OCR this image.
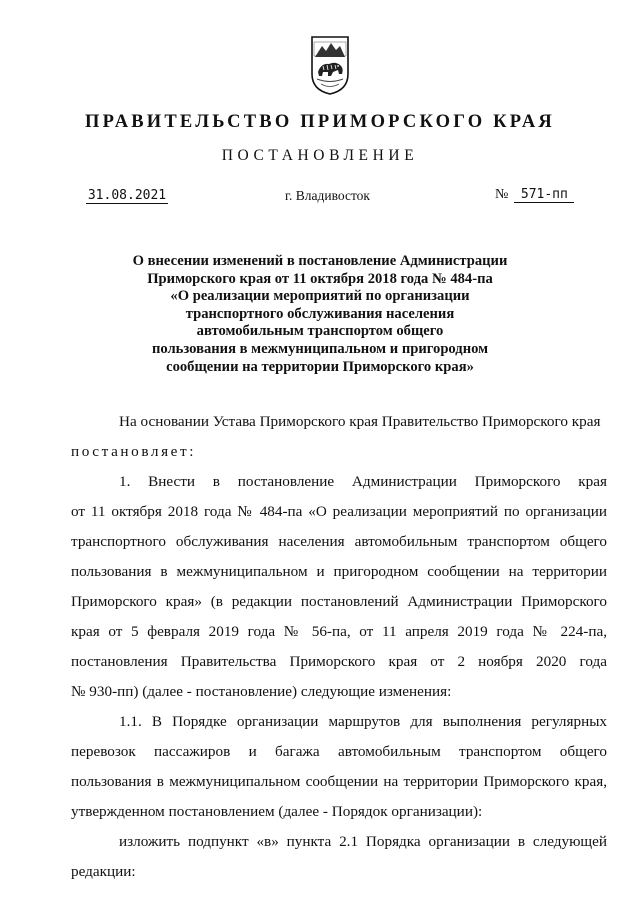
ПРАВИТЕЛЬСТВО ПРИМОРСКОГО КРАЯ
ПОСТАНОВЛЕНИЕ
31.08.2021	г. Владивосток	№ 571-пп
О внесении изменений в постановление Администрации
Приморского края от 11 октября 2018 года № 484-па
«О реализации мероприятий по организации
транспортного обслуживания населения
автомобильным транспортом общего
пользования в межмуниципальном и пригородном
сообщении на территории Приморского края»
На основании Устава Приморского края Правительство Приморского края
постановляет:
1. Внести в постановление Администрации Приморского края
от 11 октября 2018 года № 484-па «О реализации мероприятий по организации
транспортного обслуживания населения автомобильным транспортом общего
пользования в межмуниципальном и пригородном сообщении на территории
Приморского края» (в редакции постановлений Администрации Приморского
края от 5 февраля 2019 года № 56-па, от 11 апреля 2019 года № 224-па,
постановления Правительства Приморского края от 2 ноября 2020 года
№ 930-пп) (далее - постановление) следующие изменения:
1.1. В Порядке организации маршрутов для выполнения регулярных
перевозок пассажиров и багажа автомобильным транспортом общего
пользования в межмуниципальном сообщении на территории Приморского края,
утвержденном постановлением (далее - Порядок организации):
изложить подпункт «в» пункта 2.1 Порядка организации в следующей
редакции:
